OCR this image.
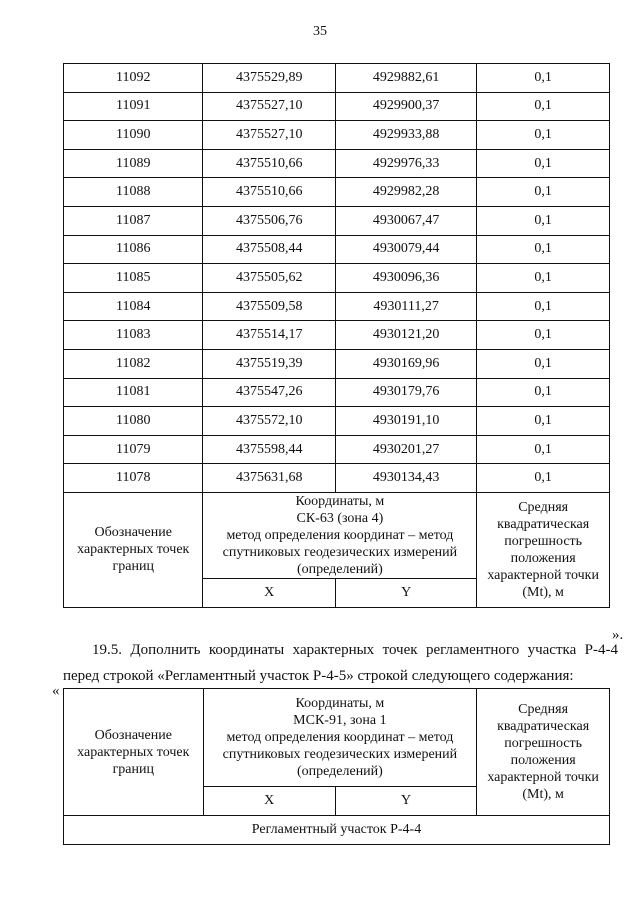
35
11092	4375529,89	4929882,61	0,1
11091	4375527,10	4929900,37	0,1
11090	4375527,10	4929933,88	0,1
11089	4375510,66	4929976,33	0,1
11088	4375510,66	4929982,28	0,1
11087	4375506,76	4930067,47	0,1
11086	4375508,44	4930079,44	0,1
11085	4375505,62	4930096,36	0,1
11084	4375509,58	4930111,27	0,1
11083	4375514,17	4930121,20	0,1
11082	4375519,39	4930169,96	0,1
11081	4375547,26	4930179,76	0,1
11080	4375572,10	4930191,10	0,1
11079	4375598,44	4930201,27	0,1
11078	4375631,68	4930134,43	0,1
Обозначение характерных точек границ	Координаты, м
СК-63 (зона 4)
метод определения координат – метод спутниковых геодезических измерений (определений)		Средняя квадратическая погрешность положения характерной точки (Mt), м
	X	Y	
».
19.5. Дополнить координаты характерных точек регламентного участка Р-4-4
перед строкой «Регламентный участок Р-4-5» строкой следующего содержания:
«
Обозначение характерных точек границ	Координаты, м
МСК-91, зона 1
метод определения координат – метод спутниковых геодезических измерений (определений)		Средняя квадратическая погрешность положения характерной точки (Mt), м
	X	Y	
Регламентный участок Р-4-4			
